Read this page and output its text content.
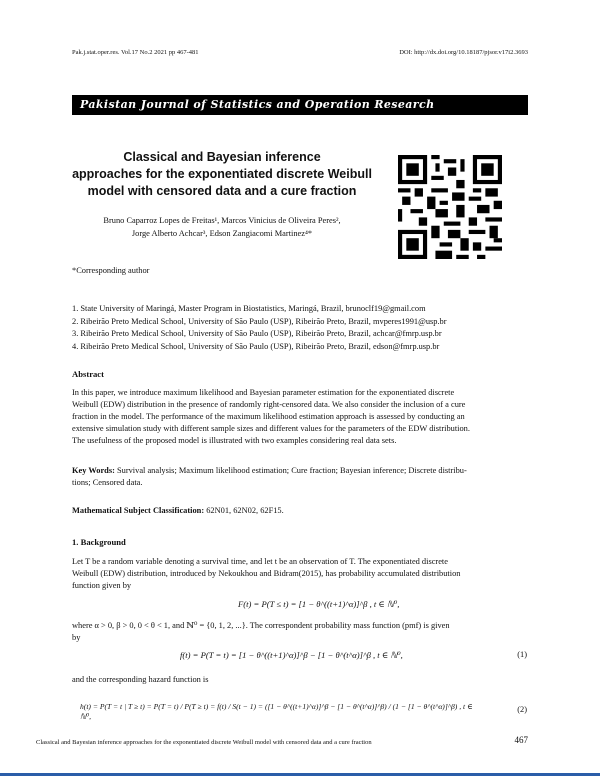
Pak.j.stat.oper.res. Vol.17 No.2 2021 pp 467-481	DOI: http://dx.doi.org/10.18187/pjsor.v17i2.3693
Pakistan Journal of Statistics and Operation Research
Classical and Bayesian inference
approaches for the exponentiated discrete Weibull
model with censored data and a cure fraction
Bruno Caparroz Lopes de Freitas¹, Marcos Vinicius de Oliveira Peres²,
Jorge Alberto Achcar³, Edson Zangiacomi Martinez⁴*
*Corresponding author
1. State University of Maringá, Master Program in Biostatistics, Maringá, Brazil, brunoclf19@gmail.com
2. Ribeirão Preto Medical School, University of São Paulo (USP), Ribeirão Preto, Brazil, mvperes1991@usp.br
3. Ribeirão Preto Medical School, University of São Paulo (USP), Ribeirão Preto, Brazil, achcar@fmrp.usp.br
4. Ribeirão Preto Medical School, University of São Paulo (USP), Ribeirão Preto, Brazil, edson@fmrp.usp.br
Abstract
In this paper, we introduce maximum likelihood and Bayesian parameter estimation for the exponentiated discrete
Weibull (EDW) distribution in the presence of randomly right-censored data. We also consider the inclusion of a cure
fraction in the model. The performance of the maximum likelihood estimation approach is assessed by conducting an
extensive simulation study with different sample sizes and different values for the parameters of the EDW distribution.
The usefulness of the proposed model is illustrated with two examples considering real data sets.
Key Words: Survival analysis; Maximum likelihood estimation; Cure fraction; Bayesian inference; Discrete distribu-
tions; Censored data.
Mathematical Subject Classification: 62N01, 62N02, 62F15.
1. Background
Let T be a random variable denoting a survival time, and let t be an observation of T. The exponentiated discrete
Weibull (EDW) distribution, introduced by Nekoukhou and Bidram(2015), has probability accumulated distribution
function given by
F(t) = P(T ≤ t) = [1 − θ^((t+1)^α)]^β , t ∈ ℕ⁰,
where α > 0, β > 0, 0 < θ < 1, and ℕ⁰ = {0, 1, 2, ...}. The correspondent probability mass function (pmf) is given
by
f(t) = P(T = t) = [1 − θ^((t+1)^α)]^β − [1 − θ^(t^α)]^β , t ∈ ℕ⁰,	(1)
and the corresponding hazard function is
h(t) = P(T = t | T ≥ t) = P(T = t) / P(T ≥ t) = f(t) / S(t − 1) = ([1 − θ^((t+1)^α)]^β − [1 − θ^(t^α)]^β) / (1 − [1 − θ^(t^α)]^β) , t ∈ ℕ⁰,
(2)
Classical and Bayesian inference approaches for the exponentiated discrete Weibull model with censored data and a cure fraction	467
